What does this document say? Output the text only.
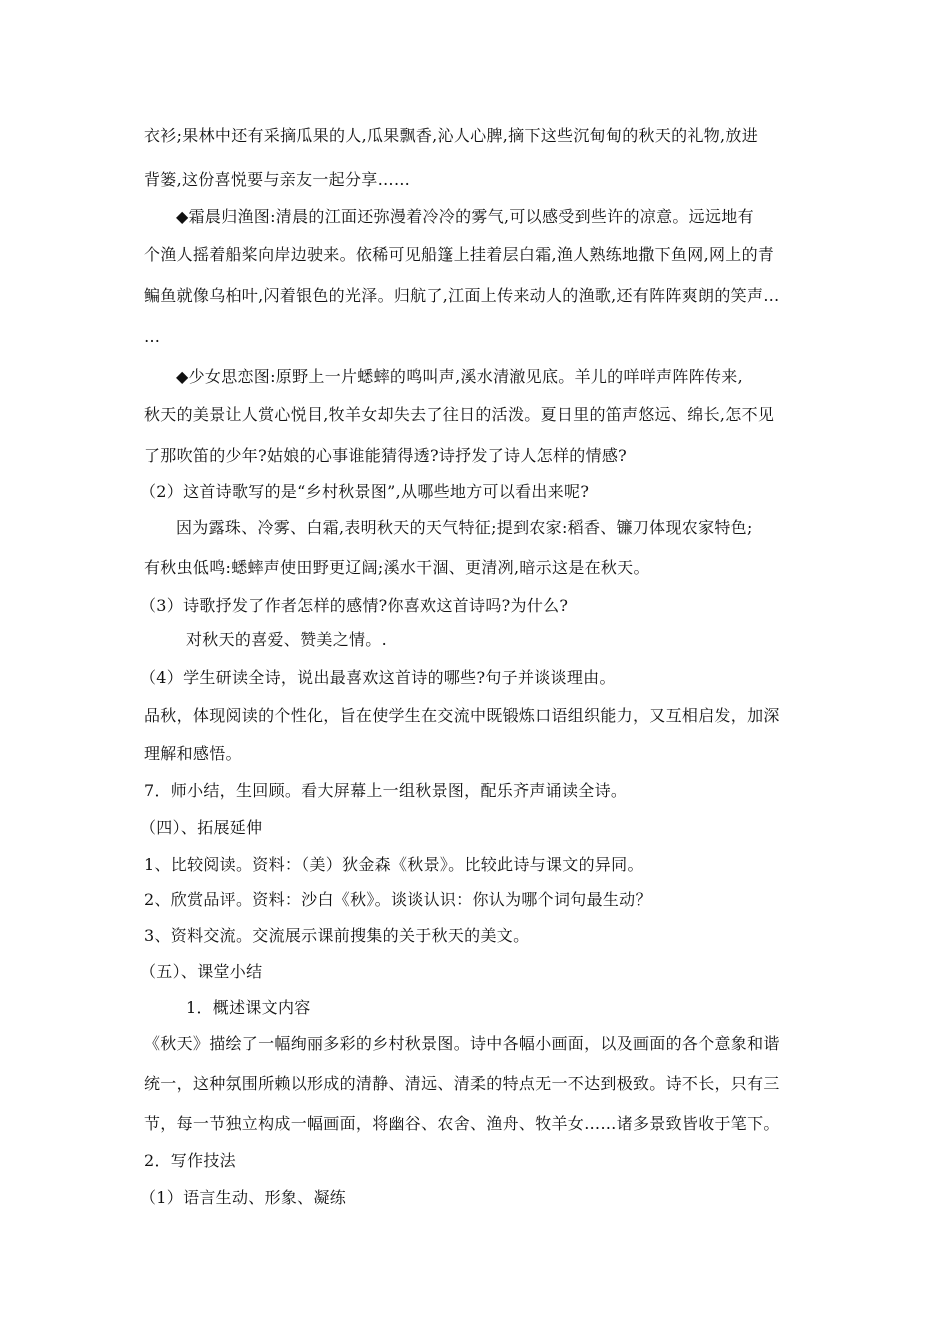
衣衫;果林中还有采摘瓜果的人,瓜果飘香,沁人心脾,摘下这些沉甸甸的秋天的礼物,放进
背篓,这份喜悦要与亲友一起分享……
◆霜晨归渔图:清晨的江面还弥漫着冷冷的雾气,可以感受到些许的凉意。远远地有
个渔人摇着船桨向岸边驶来。依稀可见船篷上挂着层白霜,渔人熟练地撒下鱼网,网上的青
鳊鱼就像乌桕叶,闪着银色的光泽。归航了,江面上传来动人的渔歌,还有阵阵爽朗的笑声…
…
◆少女思恋图:原野上一片蟋蟀的鸣叫声,溪水清澈见底。羊儿的咩咩声阵阵传来,
秋天的美景让人赏心悦目,牧羊女却失去了往日的活泼。夏日里的笛声悠远、绵长,怎不见
了那吹笛的少年?姑娘的心事谁能猜得透?诗抒发了诗人怎样的情感?
（2）这首诗歌写的是“乡村秋景图”,从哪些地方可以看出来呢?
因为露珠、冷雾、白霜,表明秋天的天气特征;提到农家:稻香、镰刀体现农家特色;
有秋虫低鸣:蟋蟀声使田野更辽阔;溪水干涸、更清冽,暗示这是在秋天。
（3）诗歌抒发了作者怎样的感情?你喜欢这首诗吗?为什么?
对秋天的喜爱、赞美之情。.
（4）学生研读全诗，说出最喜欢这首诗的哪些?句子并谈谈理由。
品秋，体现阅读的个性化，旨在使学生在交流中既锻炼口语组织能力，又互相启发，加深
理解和感悟。
7．师小结，生回顾。看大屏幕上一组秋景图，配乐齐声诵读全诗。
（四）、拓展延伸
1、比较阅读。资料：（美）狄金森《秋景》。比较此诗与课文的异同。
2、欣赏品评。资料：沙白《秋》。谈谈认识：你认为哪个词句最生动？
3、资料交流。交流展示课前搜集的关于秋天的美文。
（五）、课堂小结
1．概述课文内容
《秋天》描绘了一幅绚丽多彩的乡村秋景图。诗中各幅小画面，以及画面的各个意象和谐
统一，这种氛围所赖以形成的清静、清远、清柔的特点无一不达到极致。诗不长，只有三
节，每一节独立构成一幅画面，将幽谷、农舍、渔舟、牧羊女……诸多景致皆收于笔下。
2．写作技法
（1）语言生动、形象、凝练
